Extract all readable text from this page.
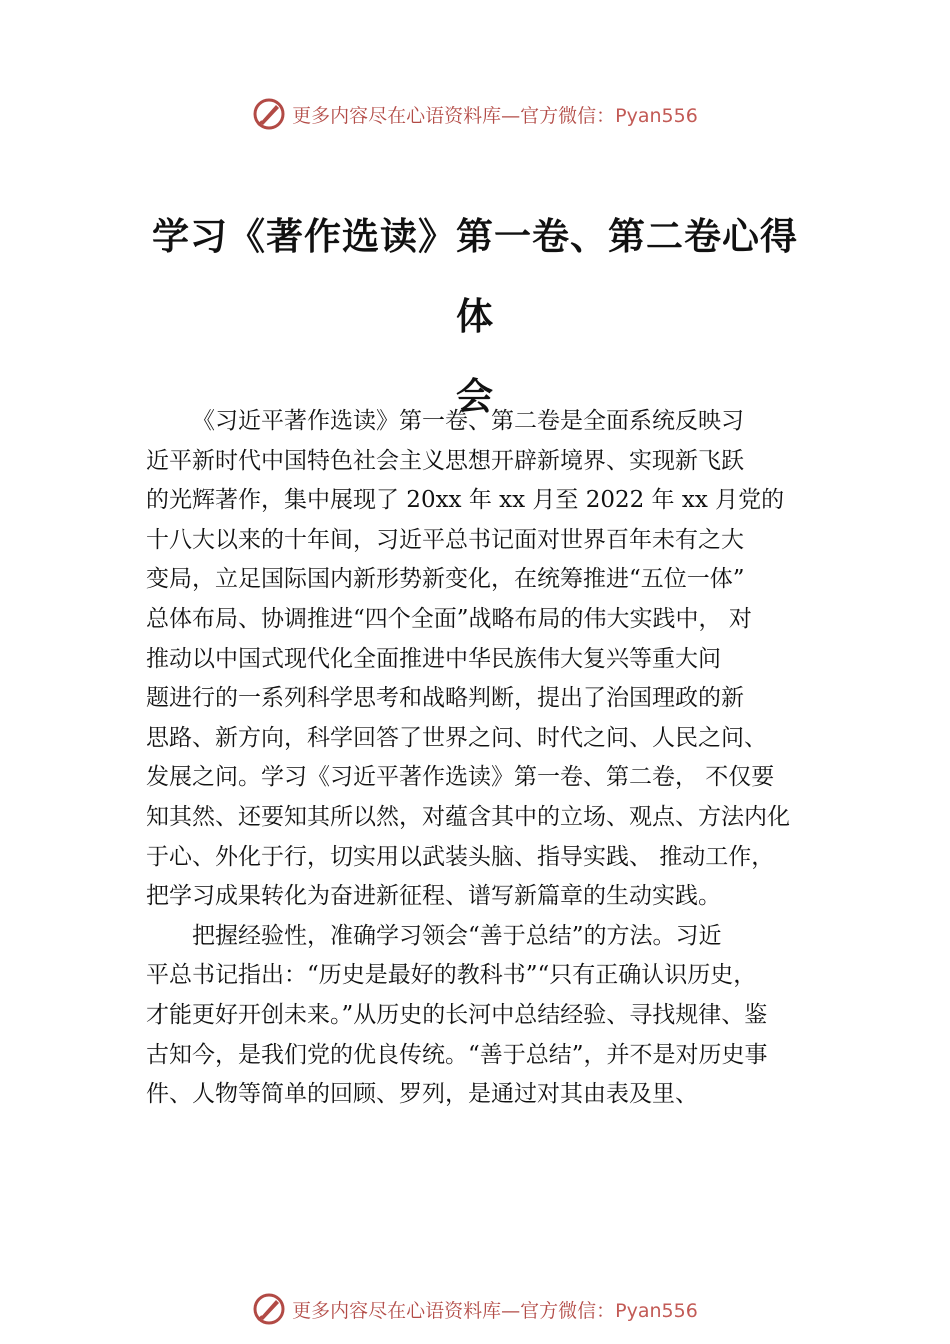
更多内容尽在心语资料库—官方微信：Pyan556
学习《著作选读》第一卷、第二卷心得体
会
《习近平著作选读》第一卷、第二卷是全面系统反映习
近平新时代中国特色社会主义思想开辟新境界、实现新飞跃
的光辉著作，集中展现了 20xx 年 xx 月至 2022 年 xx 月党的
十八大以来的十年间，习近平总书记面对世界百年未有之大
变局，立足国际国内新形势新变化，在统筹推进“五位一体”
总体布局、协调推进“四个全面”战略布局的伟大实践中， 对
推动以中国式现代化全面推进中华民族伟大复兴等重大问
题进行的一系列科学思考和战略判断，提出了治国理政的新
思路、新方向，科学回答了世界之问、时代之问、人民之问、
发展之问。学习《习近平著作选读》第一卷、第二卷， 不仅要
知其然、还要知其所以然，对蕴含其中的立场、观点、方法内化
于心、外化于行，切实用以武装头脑、指导实践、 推动工作，
把学习成果转化为奋进新征程、谱写新篇章的生动实践。
把握经验性，准确学习领会“善于总结”的方法。习近
平总书记指出：“历史是最好的教科书”“只有正确认识历史，
才能更好开创未来。”从历史的长河中总结经验、寻找规律、鉴
古知今，是我们党的优良传统。“善于总结”，并不是对历史事
件、人物等简单的回顾、罗列，是通过对其由表及里、
更多内容尽在心语资料库—官方微信：Pyan556
